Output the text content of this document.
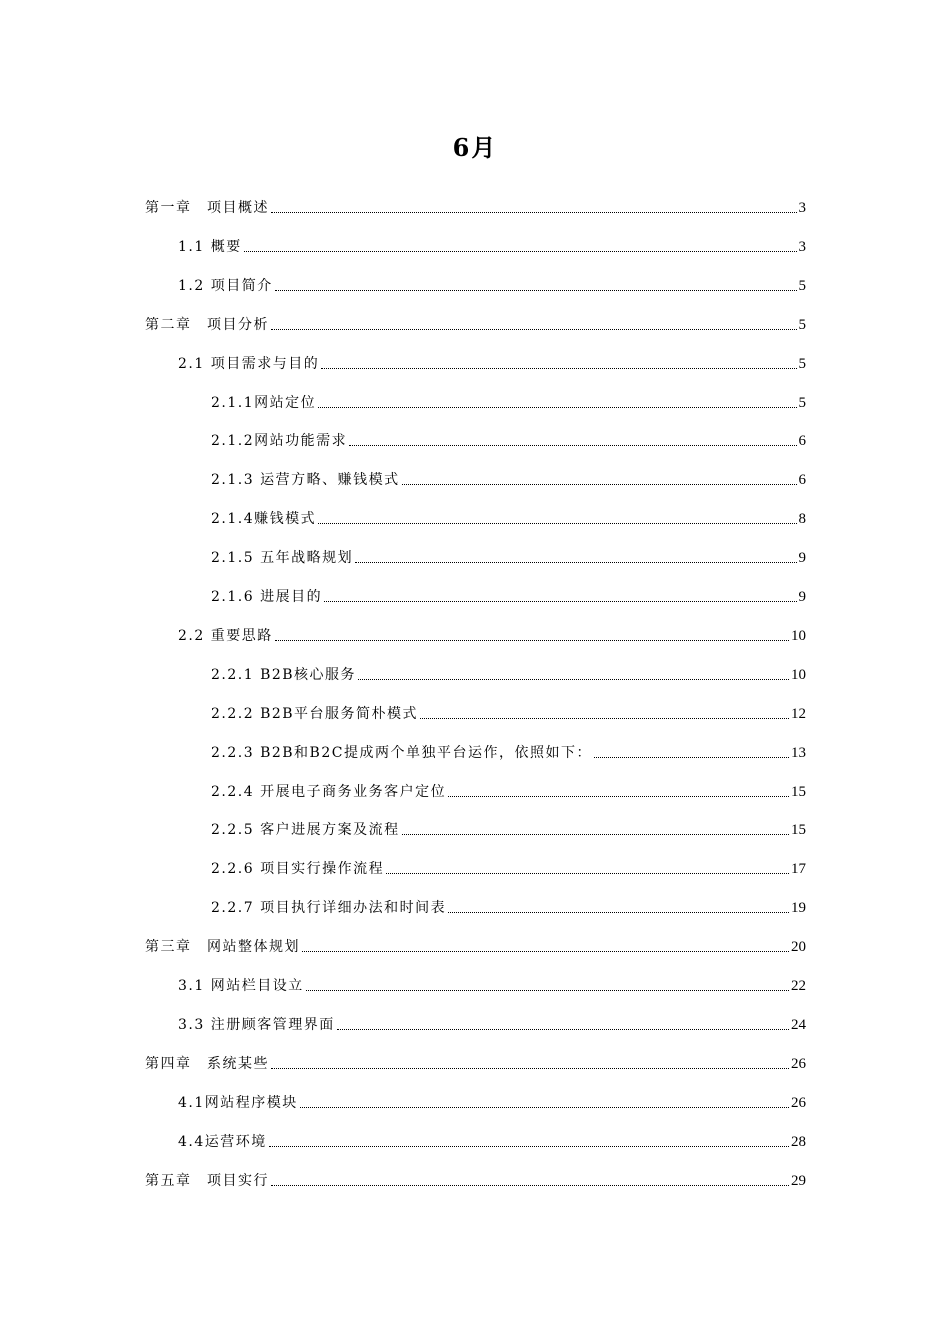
6月
第一章　项目概述	3
1.1 概要	3
1.2 项目简介	5
第二章　项目分析	5
2.1 项目需求与目的	5
2.1.1网站定位	5
2.1.2网站功能需求	6
2.1.3 运营方略、赚钱模式	6
2.1.4赚钱模式	8
2.1.5 五年战略规划	9
2.1.6 进展目的	9
2.2 重要思路	10
2.2.1 B2B核心服务	10
2.2.2 B2B平台服务简朴模式	12
2.2.3 B2B和B2C提成两个单独平台运作，依照如下：	13
2.2.4 开展电子商务业务客户定位	15
2.2.5 客户进展方案及流程	15
2.2.6 项目实行操作流程	17
2.2.7 项目执行详细办法和时间表	19
第三章　网站整体规划	20
3.1 网站栏目设立	22
3.3 注册顾客管理界面	24
第四章　系统某些	26
4.1网站程序模块	26
4.4运营环境	28
第五章　项目实行	29
